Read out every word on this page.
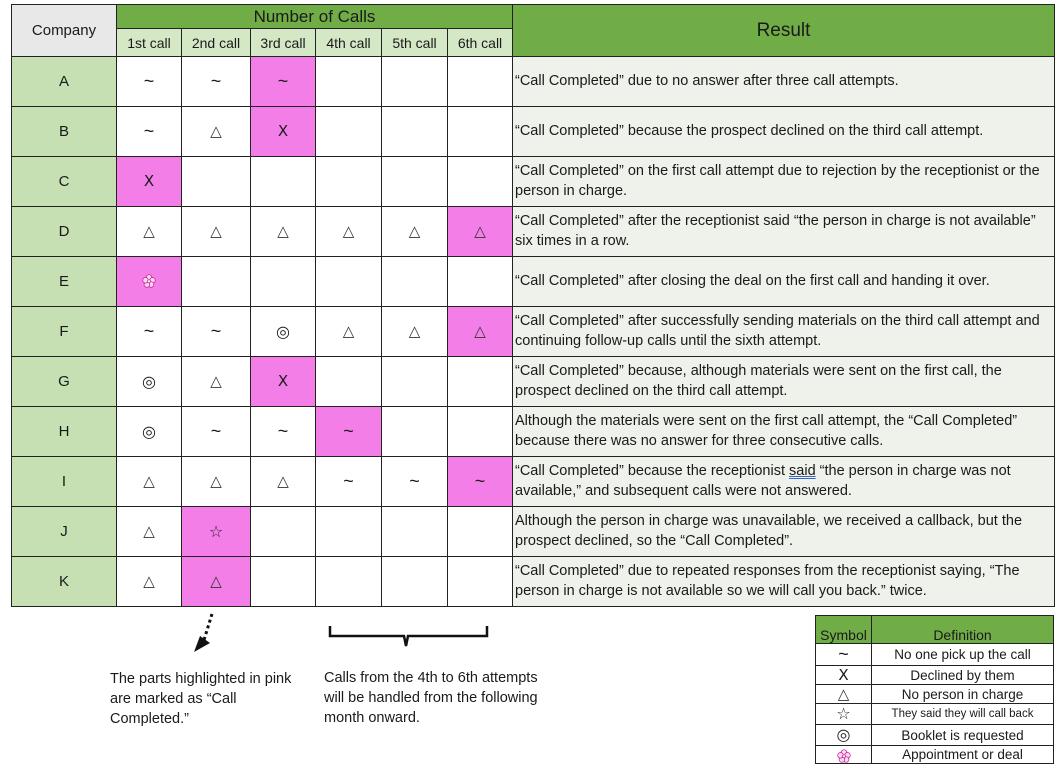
Company	Number of Calls						Result
	1st call	2nd call	3rd call	4th call	5th call	6th call	
A	~	~	~				“Call Completed” due to no answer after three call attempts.
B	~	△	X				“Call Completed” because the prospect declined on the third call attempt.
C	X						“Call Completed” on the first call attempt due to rejection by the receptionist or the person in charge.
D	△	△	△	△	△	△	“Call Completed” after the receptionist said “the person in charge is not available” six times in a row.
E							“Call Completed” after closing the deal on the first call and handing it over.
F	~	~	◎	△	△	△	“Call Completed” after successfully sending materials on the third call attempt and continuing follow-up calls until the sixth attempt.
G	◎	△	X				“Call Completed” because, although materials were sent on the first call, the prospect declined on the third call attempt.
H	◎	~	~	~			Although the materials were sent on the first call attempt, the “Call Completed” because there was no answer for three consecutive calls.
I	△	△	△	~	~	~	“Call Completed” because the receptionist said “the person in charge was not available,” and subsequent calls were not answered.
J	△	☆					Although the person in charge was unavailable, we received a callback, but the prospect declined, so the “Call Completed”.
K	△	△					“Call Completed” due to repeated responses from the receptionist saying, “The person in charge is not available so we will call you back.” twice.
The parts highlighted in pink are marked as “Call Completed.”
Calls from the 4th to 6th attempts will be handled from the following month onward.
Symbol	Definition
~	No one pick up the call
X	Declined by them
△	No person in charge
☆	They said they will call back
◎	Booklet is requested
	Appointment or deal
